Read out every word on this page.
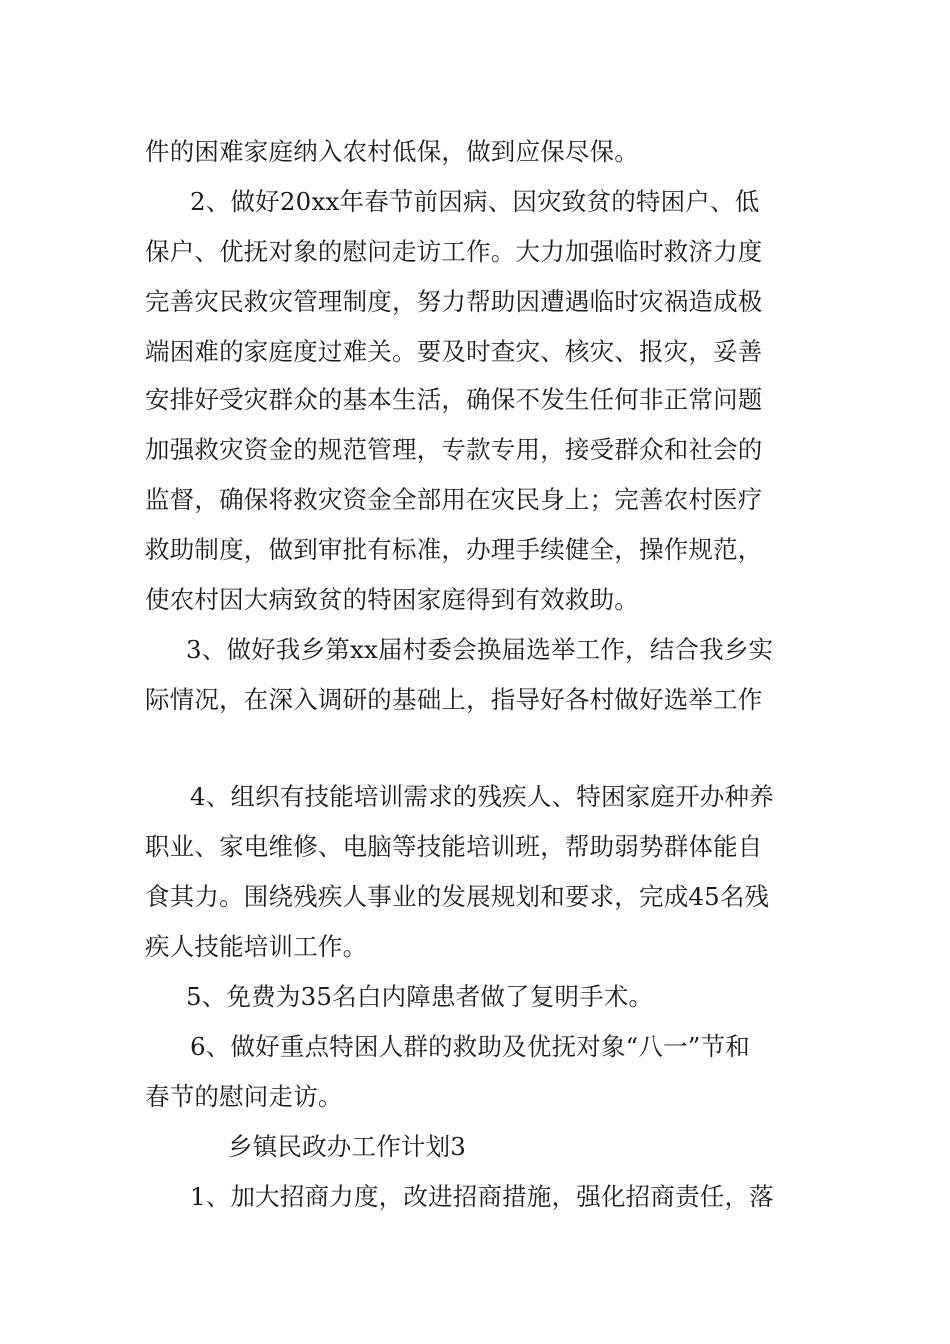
件的困难家庭纳入农村低保，做到应保尽保。
2、做好20xx年春节前因病、因灾致贫的特困户、低
保户、优抚对象的慰问走访工作。大力加强临时救济力度
完善灾民救灾管理制度，努力帮助因遭遇临时灾祸造成极
端困难的家庭度过难关。要及时查灾、核灾、报灾，妥善
安排好受灾群众的基本生活，确保不发生任何非正常问题
加强救灾资金的规范管理，专款专用，接受群众和社会的
监督，确保将救灾资金全部用在灾民身上；完善农村医疗
救助制度，做到审批有标准，办理手续健全，操作规范，
使农村因大病致贫的特困家庭得到有效救助。
3、做好我乡第xx届村委会换届选举工作，结合我乡实
际情况，在深入调研的基础上，指导好各村做好选举工作
4、组织有技能培训需求的残疾人、特困家庭开办种养
职业、家电维修、电脑等技能培训班，帮助弱势群体能自
食其力。围绕残疾人事业的发展规划和要求，完成45名残
疾人技能培训工作。
5、免费为35名白内障患者做了复明手术。
6、做好重点特困人群的救助及优抚对象“八一”节和
春节的慰问走访。
乡镇民政办工作计划3
1、加大招商力度，改进招商措施，强化招商责任，落
